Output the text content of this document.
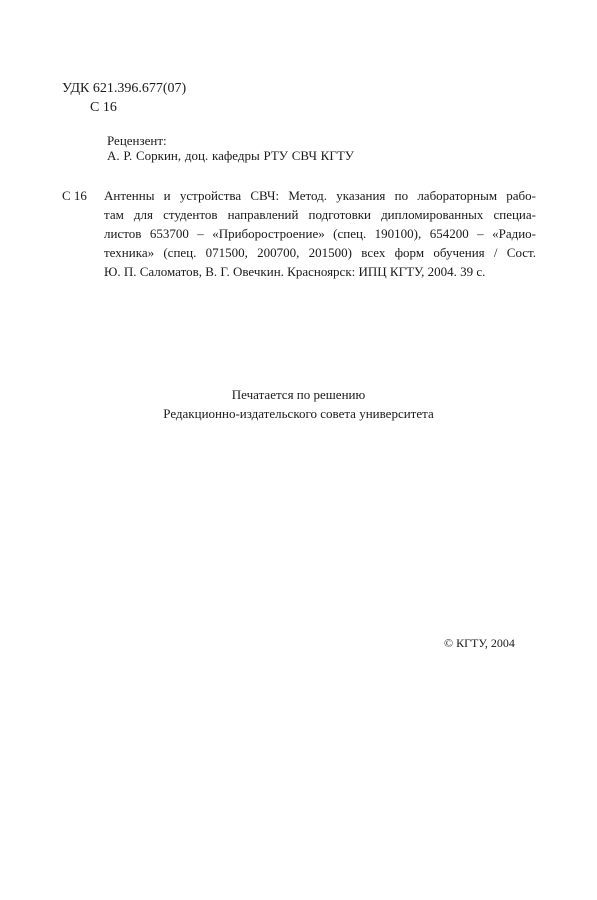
УДК 621.396.677(07)
С 16
Рецензент:
А. Р. Соркин, доц. кафедры РТУ СВЧ КГТУ
С 16 Антенны и устройства СВЧ: Метод. указания по лабораторным рабо-
там для студентов направлений подготовки дипломированных специа-
листов 653700 – «Приборостроение» (спец. 190100), 654200 – «Радио-
техника» (спец. 071500, 200700, 201500) всех форм обучения / Сост.
Ю. П. Саломатов, В. Г. Овечкин. Красноярск: ИПЦ КГТУ, 2004. 39 с.
Печатается по решению
Редакционно-издательского совета университета
© КГТУ, 2004
